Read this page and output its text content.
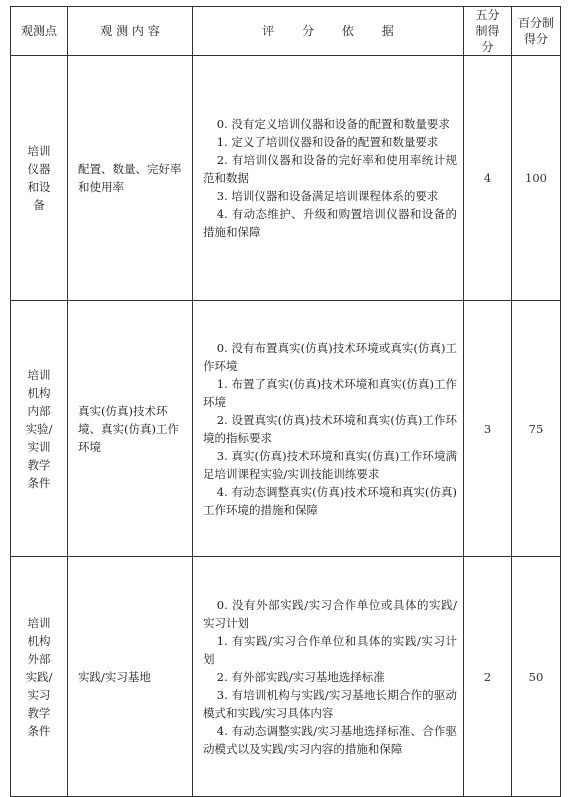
观测点	观 测 内 容	评 分 依 据	五分制得分	百分制得分
培训仪器和设备	配置、数量、完好率和使用率	0. 没有定义培训仪器和设备的配置和数量要求

1. 定义了培训仪器和设备的配置和数量要求

2. 有培训仪器和设备的完好率和使用率统计规范和数据

3. 培训仪器和设备满足培训课程体系的要求

4. 有动态维护、升级和购置培训仪器和设备的措施和保障	4	100
培训机构内部实验/实训教学条件	真实(仿真)技术环境、真实(仿真)工作环境	0. 没有布置真实(仿真)技术环境或真实(仿真)工作环境

1. 布置了真实(仿真)技术环境和真实(仿真)工作环境

2. 设置真实(仿真)技术环境和真实(仿真)工作环境的指标要求

3. 真实(仿真)技术环境和真实(仿真)工作环境满足培训课程实验/实训技能训练要求

4. 有动态调整真实(仿真)技术环境和真实(仿真)工作环境的措施和保障	3	75
培训机构外部实践/实习教学条件	实践/实习基地	0. 没有外部实践/实习合作单位或具体的实践/实习计划

1. 有实践/实习合作单位和具体的实践/实习计划

2. 有外部实践/实习基地选择标准

3. 有培训机构与实践/实习基地长期合作的驱动模式和实践/实习具体内容

4. 有动态调整实践/实习基地选择标准、合作驱动模式以及实践/实习内容的措施和保障	2	50
